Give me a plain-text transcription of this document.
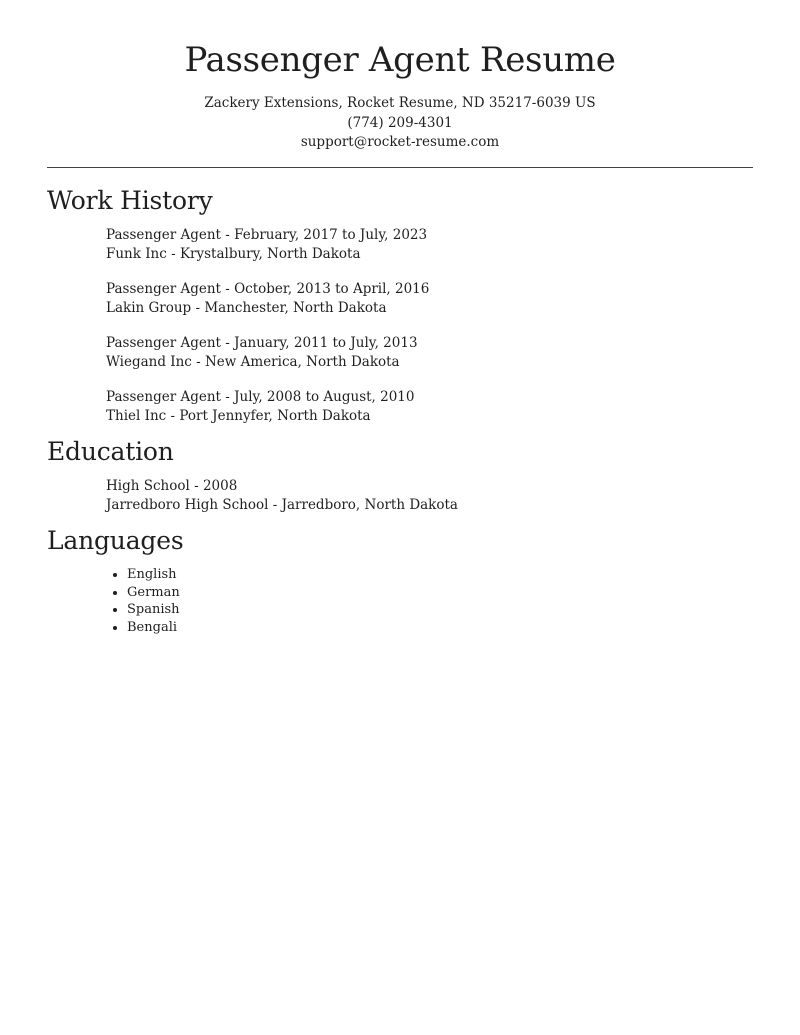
Passenger Agent Resume
Zackery Extensions, Rocket Resume, ND 35217-6039 US
(774) 209-4301
support@rocket-resume.com
Work History
Passenger Agent - February, 2017 to July, 2023
Funk Inc - Krystalbury, North Dakota
Passenger Agent - October, 2013 to April, 2016
Lakin Group - Manchester, North Dakota
Passenger Agent - January, 2011 to July, 2013
Wiegand Inc - New America, North Dakota
Passenger Agent - July, 2008 to August, 2010
Thiel Inc - Port Jennyfer, North Dakota
Education
High School - 2008
Jarredboro High School - Jarredboro, North Dakota
Languages
• English
• German
• Spanish
• Bengali
